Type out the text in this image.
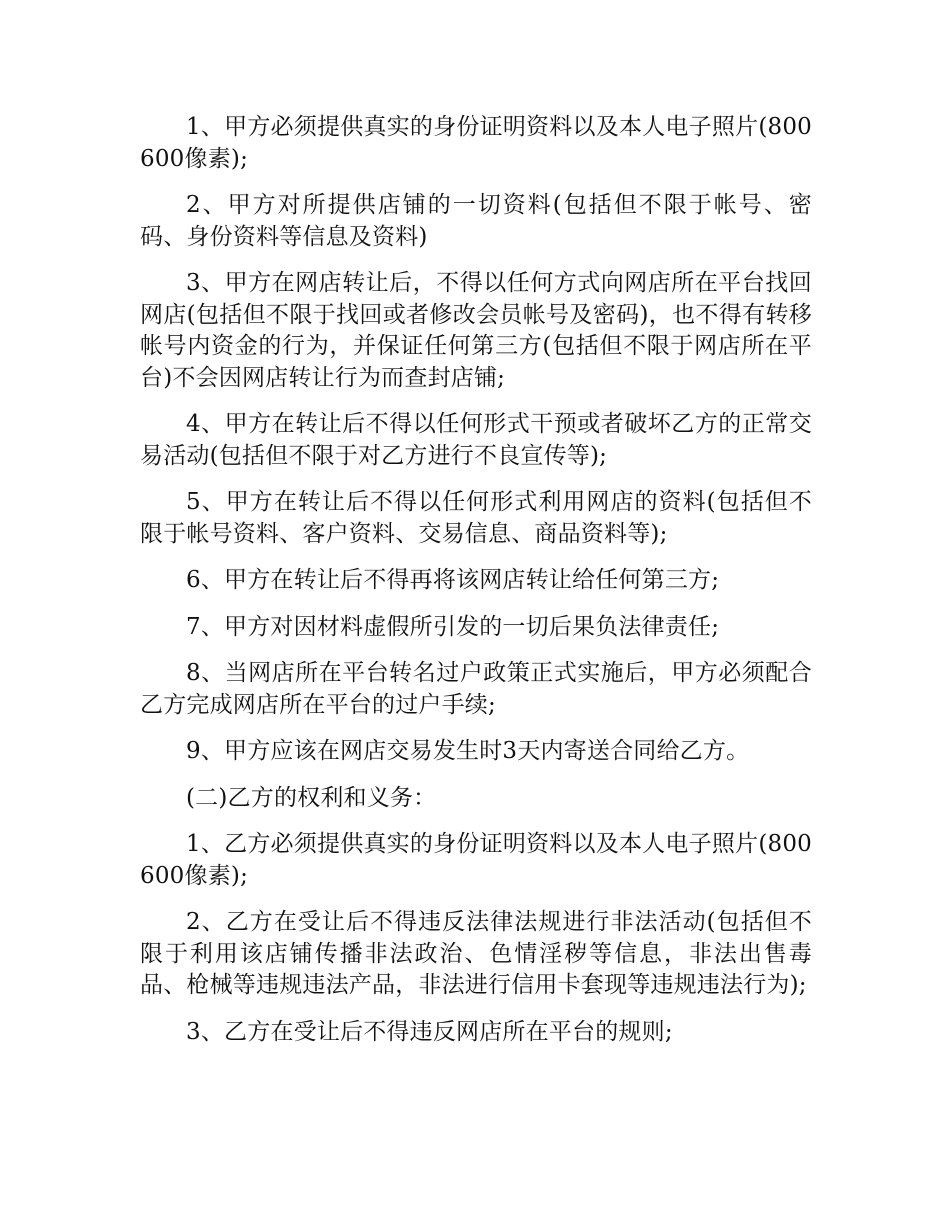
1、甲方必须提供真实的身份证明资料以及本人电子照片(800600像素);

2、甲方对所提供店铺的一切资料(包括但不限于帐号、密码、身份资料等信息及资料)

3、甲方在网店转让后，不得以任何方式向网店所在平台找回网店(包括但不限于找回或者修改会员帐号及密码)，也不得有转移帐号内资金的行为，并保证任何第三方(包括但不限于网店所在平台)不会因网店转让行为而查封店铺;

4、甲方在转让后不得以任何形式干预或者破坏乙方的正常交易活动(包括但不限于对乙方进行不良宣传等);

5、甲方在转让后不得以任何形式利用网店的资料(包括但不限于帐号资料、客户资料、交易信息、商品资料等);

6、甲方在转让后不得再将该网店转让给任何第三方;

7、甲方对因材料虚假所引发的一切后果负法律责任;

8、当网店所在平台转名过户政策正式实施后，甲方必须配合乙方完成网店所在平台的过户手续;

9、甲方应该在网店交易发生时3天内寄送合同给乙方。

(二)乙方的权利和义务：

1、乙方必须提供真实的身份证明资料以及本人电子照片(800600像素);

2、乙方在受让后不得违反法律法规进行非法活动(包括但不限于利用该店铺传播非法政治、色情淫秽等信息，非法出售毒品、枪械等违规违法产品，非法进行信用卡套现等违规违法行为);

3、乙方在受让后不得违反网店所在平台的规则;
